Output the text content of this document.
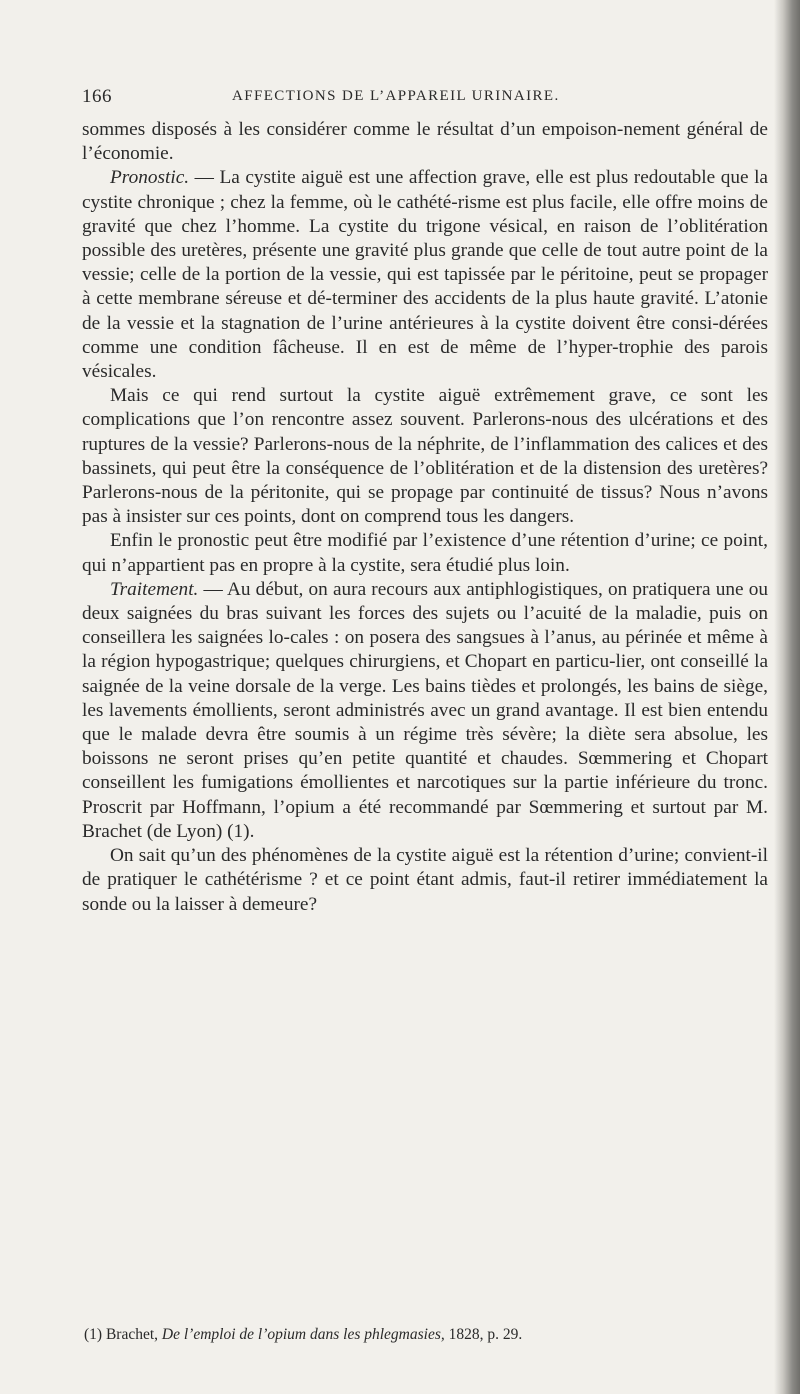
166	AFFECTIONS DE L’APPAREIL URINAIRE.

sommes disposés à les considérer comme le résultat d’un empoison-nement général de l’économie.

Pronostic. — La cystite aiguë est une affection grave, elle est plus redoutable que la cystite chronique ; chez la femme, où le cathété-risme est plus facile, elle offre moins de gravité que chez l’homme. La cystite du trigone vésical, en raison de l’oblitération possible des uretères, présente une gravité plus grande que celle de tout autre point de la vessie; celle de la portion de la vessie, qui est tapissée par le péritoine, peut se propager à cette membrane séreuse et dé-terminer des accidents de la plus haute gravité. L’atonie de la vessie et la stagnation de l’urine antérieures à la cystite doivent être consi-dérées comme une condition fâcheuse. Il en est de même de l’hyper-trophie des parois vésicales.

Mais ce qui rend surtout la cystite aiguë extrêmement grave, ce sont les complications que l’on rencontre assez souvent. Parlerons-nous des ulcérations et des ruptures de la vessie? Parlerons-nous de la néphrite, de l’inflammation des calices et des bassinets, qui peut être la conséquence de l’oblitération et de la distension des uretères? Parlerons-nous de la péritonite, qui se propage par continuité de tissus? Nous n’avons pas à insister sur ces points, dont on comprend tous les dangers.

Enfin le pronostic peut être modifié par l’existence d’une rétention d’urine; ce point, qui n’appartient pas en propre à la cystite, sera étudié plus loin.

Traitement. — Au début, on aura recours aux antiphlogistiques, on pratiquera une ou deux saignées du bras suivant les forces des sujets ou l’acuité de la maladie, puis on conseillera les saignées lo-cales : on posera des sangsues à l’anus, au périnée et même à la région hypogastrique; quelques chirurgiens, et Chopart en particu-lier, ont conseillé la saignée de la veine dorsale de la verge. Les bains tièdes et prolongés, les bains de siège, les lavements émollients, seront administrés avec un grand avantage. Il est bien entendu que le malade devra être soumis à un régime très sévère; la diète sera absolue, les boissons ne seront prises qu’en petite quantité et chaudes. Sœmmering et Chopart conseillent les fumigations émollientes et narcotiques sur la partie inférieure du tronc. Proscrit par Hoffmann, l’opium a été recommandé par Sœmmering et surtout par M. Brachet (de Lyon) (1).

On sait qu’un des phénomènes de la cystite aiguë est la rétention d’urine; convient-il de pratiquer le cathétérisme ? et ce point étant admis, faut-il retirer immédiatement la sonde ou la laisser à demeure?

(1) Brachet, De l’emploi de l’opium dans les phlegmasies, 1828, p. 29.
